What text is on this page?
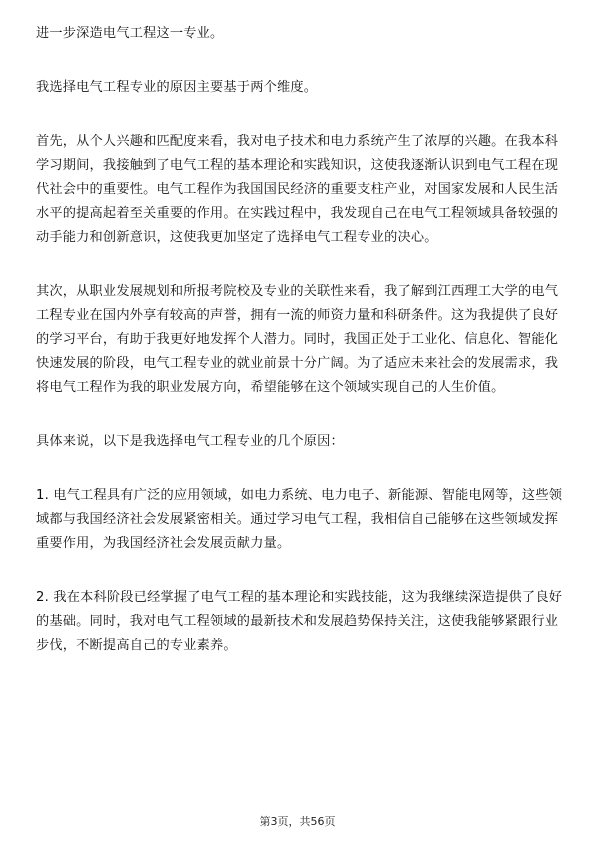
进一步深造电气工程这一专业。

我选择电气工程专业的原因主要基于两个维度。

首先，从个人兴趣和匹配度来看，我对电子技术和电力系统产生了浓厚的兴趣。在我本科学习期间，我接触到了电气工程的基本理论和实践知识，这使我逐渐认识到电气工程在现代社会中的重要性。电气工程作为我国国民经济的重要支柱产业，对国家发展和人民生活水平的提高起着至关重要的作用。在实践过程中，我发现自己在电气工程领域具备较强的动手能力和创新意识，这使我更加坚定了选择电气工程专业的决心。

其次，从职业发展规划和所报考院校及专业的关联性来看，我了解到江西理工大学的电气工程专业在国内外享有较高的声誉，拥有一流的师资力量和科研条件。这为我提供了良好的学习平台，有助于我更好地发挥个人潜力。同时，我国正处于工业化、信息化、智能化快速发展的阶段，电气工程专业的就业前景十分广阔。为了适应未来社会的发展需求，我将电气工程作为我的职业发展方向，希望能够在这个领域实现自己的人生价值。

具体来说，以下是我选择电气工程专业的几个原因：

1. 电气工程具有广泛的应用领域，如电力系统、电力电子、新能源、智能电网等，这些领域都与我国经济社会发展紧密相关。通过学习电气工程，我相信自己能够在这些领域发挥重要作用，为我国经济社会发展贡献力量。

2. 我在本科阶段已经掌握了电气工程的基本理论和实践技能，这为我继续深造提供了良好的基础。同时，我对电气工程领域的最新技术和发展趋势保持关注，这使我能够紧跟行业步伐，不断提高自己的专业素养。

第3页，共56页
